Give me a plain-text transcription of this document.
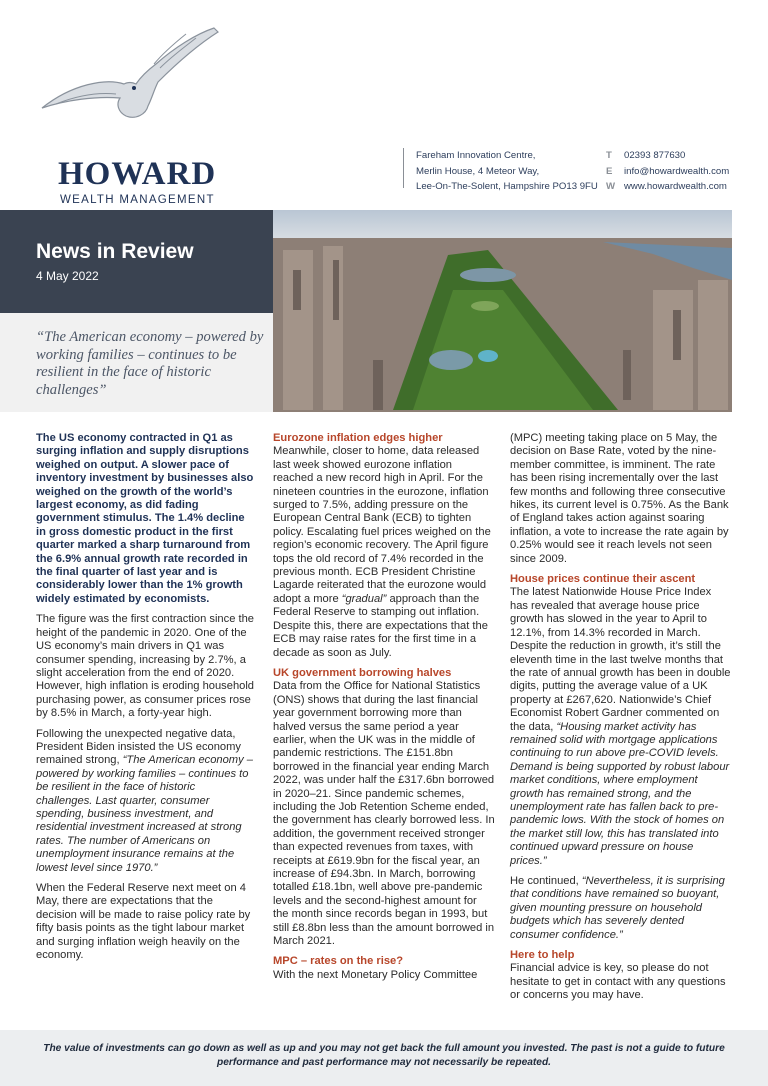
HOWARD
WEALTH MANAGEMENT
Fareham Innovation Centre,
Merlin House, 4 Meteor Way,
Lee-On-The-Solent, Hampshire PO13 9FU
T 02393 877630
E info@howardwealth.com
W www.howardwealth.com
News in Review
4 May 2022

“The American economy – powered by working families – continues to be resilient in the face of historic challenges”

The US economy contracted in Q1 as surging inflation and supply disruptions weighed on output. A slower pace of inventory investment by businesses also weighed on the growth of the world’s largest economy, as did fading government stimulus. The 1.4% decline in gross domestic product in the first quarter marked a sharp turnaround from the 6.9% annual growth rate recorded in the final quarter of last year and is considerably lower than the 1% growth widely estimated by economists.

The figure was the first contraction since the height of the pandemic in 2020. One of the US economy’s main drivers in Q1 was consumer spending, increasing by 2.7%, a slight acceleration from the end of 2020. However, high inflation is eroding household purchasing power, as consumer prices rose by 8.5% in March, a forty-year high.

Following the unexpected negative data, President Biden insisted the US economy remained strong, “The American economy – powered by working families – continues to be resilient in the face of historic challenges. Last quarter, consumer spending, business investment, and residential investment increased at strong rates. The number of Americans on unemployment insurance remains at the lowest level since 1970.”

When the Federal Reserve next meet on 4 May, there are expectations that the decision will be made to raise policy rate by fifty basis points as the tight labour market and surging inflation weigh heavily on the economy.

Eurozone inflation edges higher

Meanwhile, closer to home, data released last week showed eurozone inflation reached a new record high in April. For the nineteen countries in the eurozone, inflation surged to 7.5%, adding pressure on the European Central Bank (ECB) to tighten policy. Escalating fuel prices weighed on the region’s economic recovery. The April figure tops the old record of 7.4% recorded in the previous month. ECB President Christine Lagarde reiterated that the eurozone would adopt a more “gradual” approach than the Federal Reserve to stamping out inflation. Despite this, there are expectations that the ECB may raise rates for the first time in a decade as soon as July.

UK government borrowing halves

Data from the Office for National Statistics (ONS) shows that during the last financial year government borrowing more than halved versus the same period a year earlier, when the UK was in the middle of pandemic restrictions. The £151.8bn borrowed in the financial year ending March 2022, was under half the £317.6bn borrowed in 2020–21. Since pandemic schemes, including the Job Retention Scheme ended, the government has clearly borrowed less. In addition, the government received stronger than expected revenues from taxes, with receipts at £619.9bn for the fiscal year, an increase of £94.3bn. In March, borrowing totalled £18.1bn, well above pre-pandemic levels and the second-highest amount for the month since records began in 1993, but still £8.8bn less than the amount borrowed in March 2021.

MPC – rates on the rise?

With the next Monetary Policy Committee

(MPC) meeting taking place on 5 May, the decision on Base Rate, voted by the nine-member committee, is imminent. The rate has been rising incrementally over the last few months and following three consecutive hikes, its current level is 0.75%. As the Bank of England takes action against soaring inflation, a vote to increase the rate again by 0.25% would see it reach levels not seen since 2009.

House prices continue their ascent

The latest Nationwide House Price Index has revealed that average house price growth has slowed in the year to April to 12.1%, from 14.3% recorded in March. Despite the reduction in growth, it’s still the eleventh time in the last twelve months that the rate of annual growth has been in double digits, putting the average value of a UK property at £267,620. Nationwide’s Chief Economist Robert Gardner commented on the data, “Housing market activity has remained solid with mortgage applications continuing to run above pre-COVID levels. Demand is being supported by robust labour market conditions, where employment growth has remained strong, and the unemployment rate has fallen back to pre-pandemic lows. With the stock of homes on the market still low, this has translated into continued upward pressure on house prices.”

He continued, “Nevertheless, it is surprising that conditions have remained so buoyant, given mounting pressure on household budgets which has severely dented consumer confidence.”

Here to help

Financial advice is key, so please do not hesitate to get in contact with any questions or concerns you may have.

The value of investments can go down as well as up and you may not get back the full amount you invested. The past is not a guide to future performance and past performance may not necessarily be repeated.
